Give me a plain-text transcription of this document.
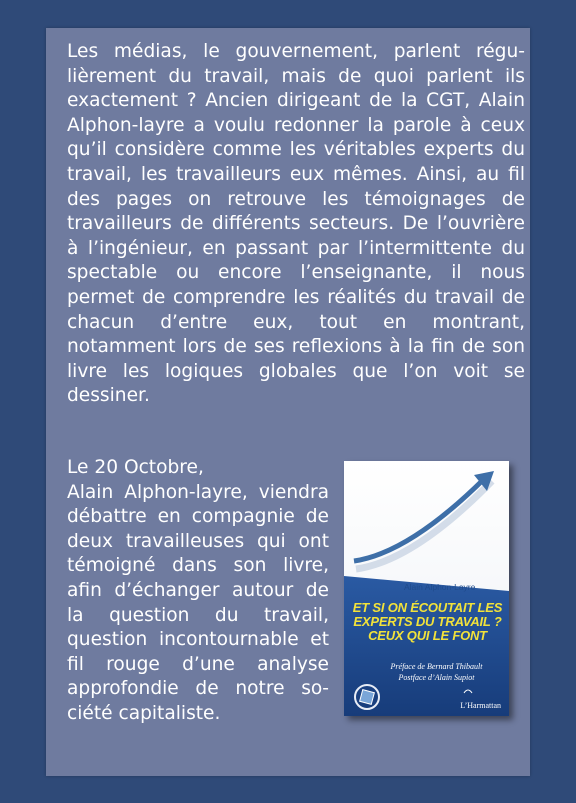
Les médias, le gouvernement, parlent régulièrement du travail, mais de quoi parlent ils exactement ? Ancien dirigeant de la CGT, Alain Alphon-layre a voulu redonner la parole à ceux qu’il considère comme les véritables experts du travail, les travailleurs eux mêmes. Ainsi, au fil des pages on retrouve les témoignages de travailleurs de différents secteurs. De l’ouvrière à l’ingénieur, en passant par l’intermittente du spectable ou encore l’enseignante, il nous permet de comprendre les réalités du travail de chacun d’entre eux, tout en montrant, notamment lors de ses reflexions à la fin de son livre les logiques globales que l’on voit se dessiner.
Le 20 Octobre,
Alain Alphon-layre, viendra débattre en compagnie de deux travailleuses qui ont témoigné dans son livre, afin d’échanger autour de la question du travail, question incontournable et fil rouge d’une analyse approfondie de notre société capitaliste.
Alain Alphon-Layre
ET SI ON ÉCOUTAIT LES EXPERTS DU TRAVAIL ? CEUX QUI LE FONT
Préface de Bernard Thibault
Postface d’Alain Supiot
L’Harmattan
